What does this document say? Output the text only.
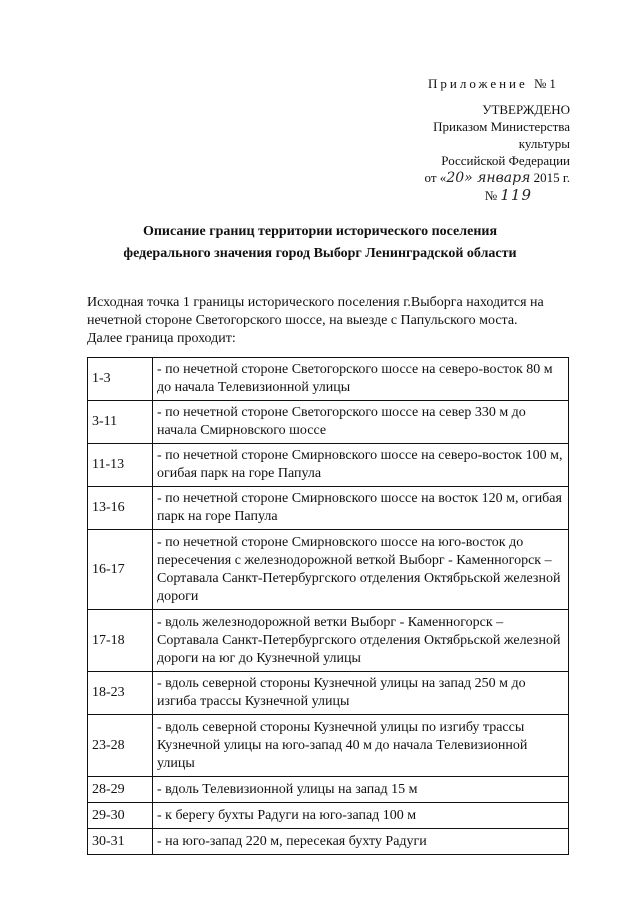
Приложение №1
УТВЕРЖДЕНО
Приказом Министерства культуры
Российской Федерации
от «20» января 2015 г.
№ 119
Описание границ территории исторического поселения
федерального значения город Выборг Ленинградской области
Исходная точка 1 границы исторического поселения г.Выборга находится на
нечетной стороне Светогорского шоссе, на выезде с Папульского моста.
Далее граница проходит:
1-3	- по нечетной стороне Светогорского шоссе на северо-восток 80 м до начала Телевизионной улицы
3-11	- по нечетной стороне Светогорского шоссе на север 330 м до начала Смирновского шоссе
11-13	- по нечетной стороне Смирновского шоссе на северо-восток 100 м, огибая парк на горе Папула
13-16	- по нечетной стороне Смирновского шоссе на восток 120 м, огибая парк на горе Папула
16-17	- по нечетной стороне Смирновского шоссе на юго-восток до пересечения с железнодорожной веткой Выборг - Каменногорск – Сортавала Санкт-Петербургского отделения Октябрьской железной дороги
17-18	- вдоль железнодорожной ветки Выборг - Каменногорск – Сортавала Санкт-Петербургского отделения Октябрьской железной дороги на юг до Кузнечной улицы
18-23	- вдоль северной стороны Кузнечной улицы на запад 250 м до изгиба трассы Кузнечной улицы
23-28	- вдоль северной стороны Кузнечной улицы по изгибу трассы Кузнечной улицы на юго-запад 40 м до начала Телевизионной улицы
28-29	- вдоль Телевизионной улицы на запад 15 м
29-30	- к берегу бухты Радуги на юго-запад 100 м
30-31	- на юго-запад 220 м, пересекая бухту Радуги
